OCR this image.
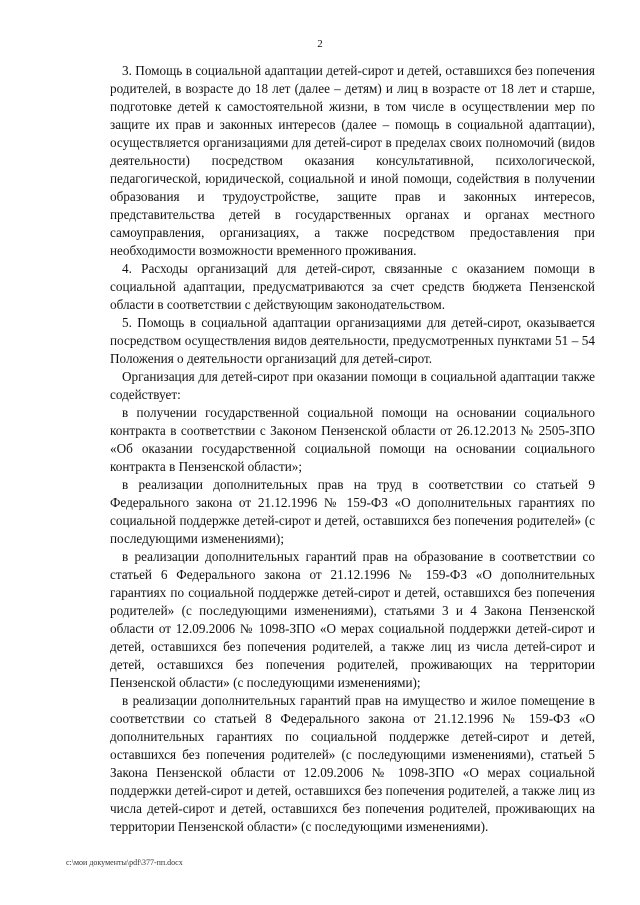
2

3. Помощь в социальной адаптации детей-сирот и детей, оставшихся без попечения родителей, в возрасте до 18 лет (далее – детям) и лиц в возрасте от 18 лет и старше, подготовке детей к самостоятельной жизни, в том числе в осуществлении мер по защите их прав и законных интересов (далее – помощь в социальной адаптации), осуществляется организациями для детей-сирот в пределах своих полномочий (видов деятельности) посредством оказания консультативной, психологической, педагогической, юридической, социальной и иной помощи, содействия в получении образования и трудоустройстве, защите прав и законных интересов, представительства детей в государственных органах и органах местного самоуправления, организациях, а также посредством предоставления при необходимости возможности временного проживания.

4. Расходы организаций для детей-сирот, связанные с оказанием помощи в социальной адаптации, предусматриваются за счет средств бюджета Пензенской области в соответствии с действующим законодательством.

5. Помощь в социальной адаптации организациями для детей-сирот, оказывается посредством осуществления видов деятельности, предусмотренных пунктами 51 – 54 Положения о деятельности организаций для детей-сирот.

Организация для детей-сирот при оказании помощи в социальной адаптации также содействует:

в получении государственной социальной помощи на основании социального контракта в соответствии с Законом Пензенской области от 26.12.2013 № 2505-ЗПО «Об оказании государственной социальной помощи на основании социального контракта в Пензенской области»;

в реализации дополнительных прав на труд в соответствии со статьей 9 Федерального закона от 21.12.1996 № 159-ФЗ «О дополнительных гарантиях по социальной поддержке детей-сирот и детей, оставшихся без попечения родителей» (с последующими изменениями);

в реализации дополнительных гарантий прав на образование в соответствии со статьей 6 Федерального закона от 21.12.1996 № 159-ФЗ «О дополнительных гарантиях по социальной поддержке детей-сирот и детей, оставшихся без попечения родителей» (с последующими изменениями), статьями 3 и 4 Закона Пензенской области от 12.09.2006 № 1098-ЗПО «О мерах социальной поддержки детей-сирот и детей, оставшихся без попечения родителей, а также лиц из числа детей-сирот и детей, оставшихся без попечения родителей, проживающих на территории Пензенской области» (с последующими изменениями);

в реализации дополнительных гарантий прав на имущество и жилое помещение в соответствии со статьей 8 Федерального закона от 21.12.1996 № 159-ФЗ «О дополнительных гарантиях по социальной поддержке детей-сирот и детей, оставшихся без попечения родителей» (с последующими изменениями), статьей 5 Закона Пензенской области от 12.09.2006 № 1098-ЗПО «О мерах социальной поддержки детей-сирот и детей, оставшихся без попечения родителей, а также лиц из числа детей-сирот и детей, оставшихся без попечения родителей, проживающих на территории Пензенской области» (с последующими изменениями).

c:\мои документы\pdf\377-пп.docx
